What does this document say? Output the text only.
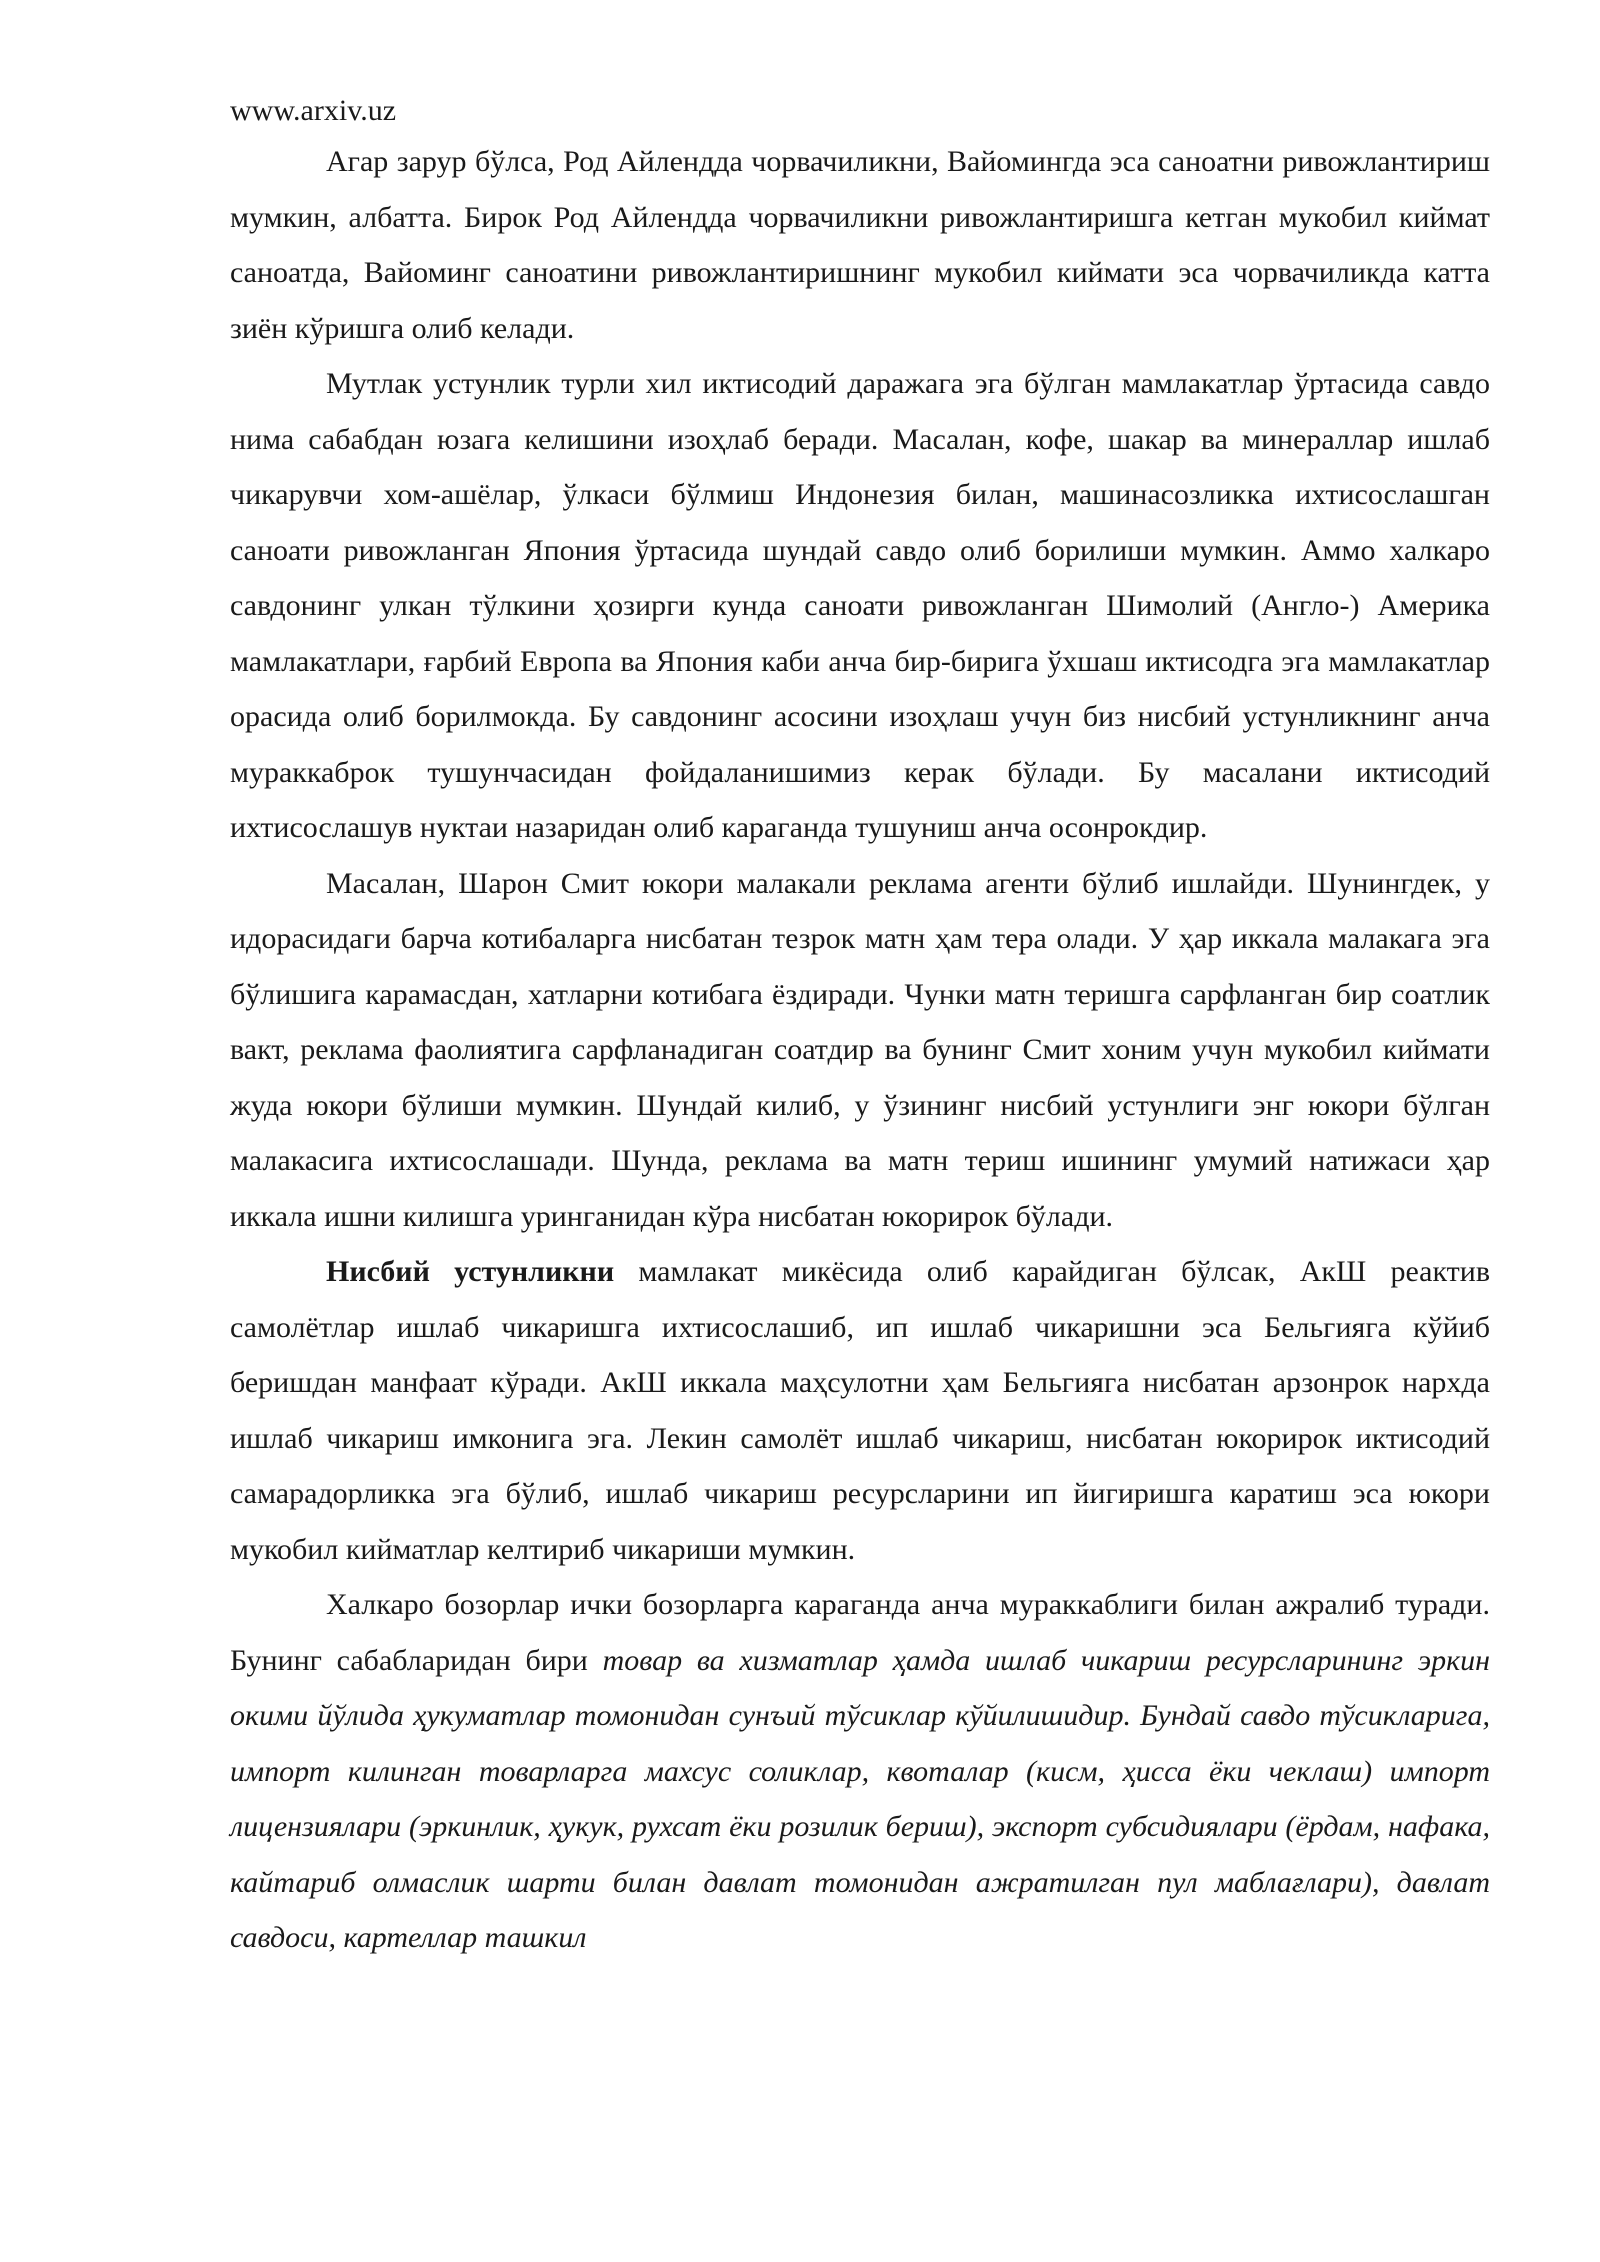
www.arxiv.uz

Агар зарур бўлса, Род Айлендда чорвачиликни, Вайомингда эса саноатни ривожлантириш мумкин, албатта. Бирок Род Айлендда чорвачиликни ривожлантиришга кетган мукобил киймат саноатда, Вайоминг саноатини ривожлантиришнинг мукобил киймати эса чорвачиликда катта зиён кўришга олиб келади.

Мутлак устунлик турли хил иктисодий даражага эга бўлган мамлакатлар ўртасида савдо нима сабабдан юзага келишини изоҳлаб беради. Масалан, кофе, шакар ва минераллар ишлаб чикарувчи хом-ашёлар, ўлкаси бўлмиш Индонезия билан, машинасозликка ихтисослашган саноати ривожланган Япония ўртасида шундай савдо олиб борилиши мумкин. Аммо халкаро савдонинг улкан тўлкини ҳозирги кунда саноати ривожланган Шимолий (Англо-) Америка мамлакатлари, ғарбий Европа ва Япония каби анча бир-бирига ўхшаш иктисодга эга мамлакатлар орасида олиб борилмокда. Бу савдонинг асосини изоҳлаш учун биз нисбий устунликнинг анча мураккаброк тушунчасидан фойдаланишимиз керак бўлади. Бу масалани иктисодий ихтисослашув нуктаи назаридан олиб караганда тушуниш анча осонрокдир.

Масалан, Шарон Смит юкори малакали реклама агенти бўлиб ишлайди. Шунингдек, у идорасидаги барча котибаларга нисбатан тезрок матн ҳам тера олади. У ҳар иккала малакага эга бўлишига карамасдан, хатларни котибага ёздиради. Чунки матн теришга сарфланган бир соатлик вакт, реклама фаолиятига сарфланадиган соатдир ва бунинг Смит хоним учун мукобил киймати жуда юкори бўлиши мумкин. Шундай килиб, у ўзининг нисбий устунлиги энг юкори бўлган малакасига ихтисослашади. Шунда, реклама ва матн териш ишининг умумий натижаси ҳар иккала ишни килишга уринганидан кўра нисбатан юкорирок бўлади.

Нисбий устунликни мамлакат микёсида олиб карайдиган бўлсак, АкШ реактив самолётлар ишлаб чикаришга ихтисослашиб, ип ишлаб чикаришни эса Бельгияга кўйиб беришдан манфаат кўради. АкШ иккала маҳсулотни ҳам Бельгияга нисбатан арзонрок нархда ишлаб чикариш имконига эга. Лекин самолёт ишлаб чикариш, нисбатан юкорирок иктисодий самарадорликка эга бўлиб, ишлаб чикариш ресурсларини ип йигиришга каратиш эса юкори мукобил кийматлар келтириб чикариши мумкин.

Халкаро бозорлар ички бозорларга караганда анча мураккаблиги билан ажралиб туради. Бунинг сабабларидан бири товар ва хизматлар ҳамда ишлаб чикариш ресурсларининг эркин окими йўлида ҳукуматлар томонидан сунъий тўсиклар кўйилишидир. Бундай савдо тўсикларига, импорт килинган товарларга махсус соликлар, квоталар (кисм, ҳисса ёки чеклаш) импорт лицензиялари (эркинлик, ҳукук, рухсат ёки розилик бериш), экспорт субсидиялари (ёрдам, нафака, кайтариб олмаслик шарти билан давлат томонидан ажратилган пул маблағлари), давлат савдоси, картеллар ташкил
